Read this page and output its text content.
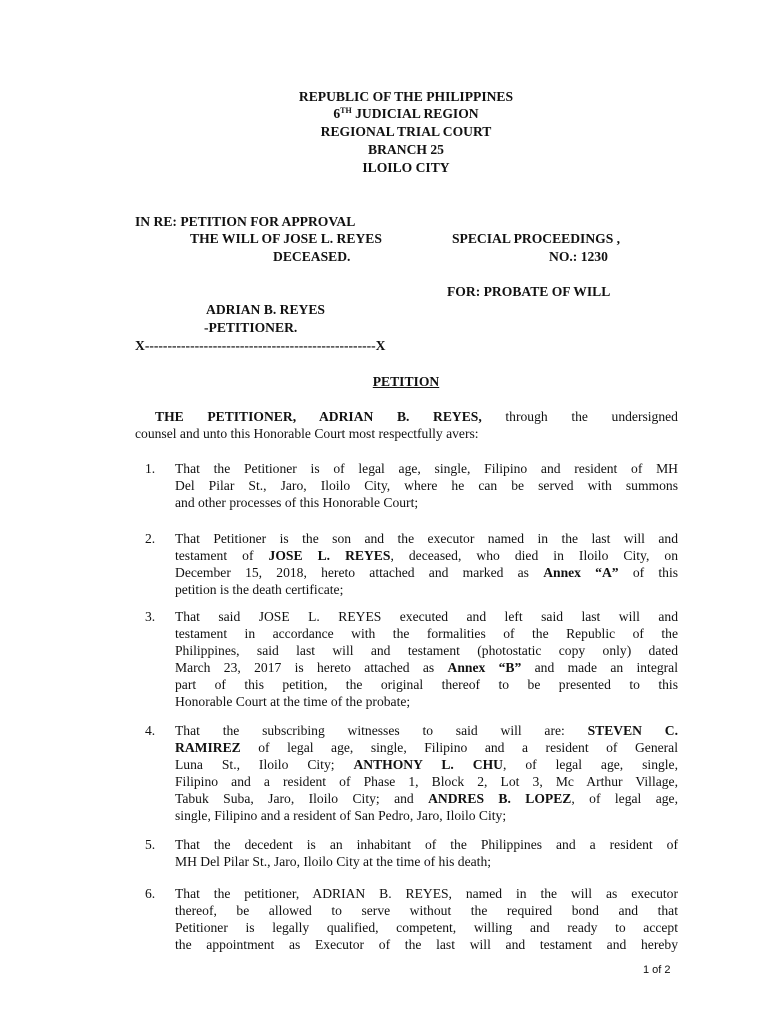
REPUBLIC OF THE PHILIPPINES
6TH JUDICIAL REGION
REGIONAL TRIAL COURT
BRANCH 25
ILOILO CITY
IN RE: PETITION FOR APPROVAL
THE WILL OF JOSE L. REYES	SPECIAL PROCEEDINGS ,
DECEASED.	NO.: 1230
FOR: PROBATE OF WILL
ADRIAN B. REYES
-PETITIONER.
X---------------------------------------------------X
PETITION
THE PETITIONER, ADRIAN B. REYES, through the undersigned
counsel and unto this Honorable Court most respectfully avers:
1. That the Petitioner is of legal age, single, Filipino and resident of MH
Del Pilar St., Jaro, Iloilo City, where he can be served with summons
and other processes of this Honorable Court;
2. That Petitioner is the son and the executor named in the last will and
testament of JOSE L. REYES, deceased, who died in Iloilo City, on
December 15, 2018, hereto attached and marked as Annex “A” of this
petition is the death certificate;
3. That said JOSE L. REYES executed and left said last will and
testament in accordance with the formalities of the Republic of the
Philippines, said last will and testament (photostatic copy only) dated
March 23, 2017 is hereto attached as Annex “B” and made an integral
part of this petition, the original thereof to be presented to this
Honorable Court at the time of the probate;
4. That the subscribing witnesses to said will are: STEVEN C.
RAMIREZ of legal age, single, Filipino and a resident of General
Luna St., Iloilo City; ANTHONY L. CHU, of legal age, single,
Filipino and a resident of Phase 1, Block 2, Lot 3, Mc Arthur Village,
Tabuk Suba, Jaro, Iloilo City; and ANDRES B. LOPEZ, of legal age,
single, Filipino and a resident of San Pedro, Jaro, Iloilo City;
5. That the decedent is an inhabitant of the Philippines and a resident of
MH Del Pilar St., Jaro, Iloilo City at the time of his death;
6. That the petitioner, ADRIAN B. REYES, named in the will as executor
thereof, be allowed to serve without the required bond and that
Petitioner is legally qualified, competent, willing and ready to accept
the appointment as Executor of the last will and testament and hereby
1 of 2
